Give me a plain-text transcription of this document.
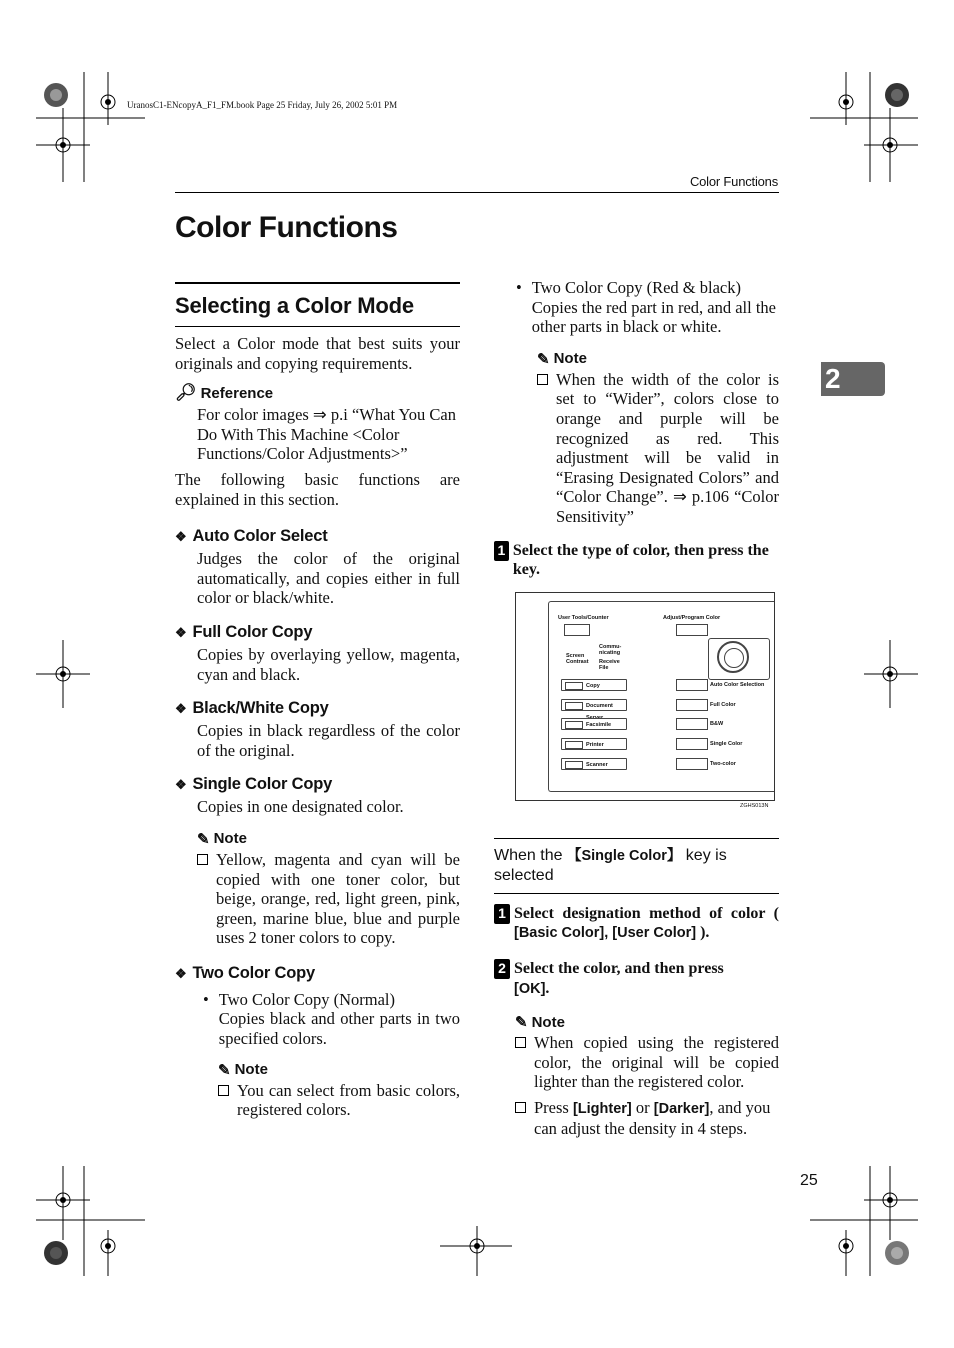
UranosC1-ENcopyA_F1_FM.book Page 25 Friday, July 26, 2002 5:01 PM
Color Functions
Color Functions
2
Selecting a Color Mode
Select a Color mode that best suits your originals and copying requirements.
🔎︎ Reference
For color images ⇒ p.i “What You Can Do With This Machine <Color Functions/Color Adjustments>”
The following basic functions are explained in this section.
❖ Auto Color Select
Judges the color of the original automatically, and copies either in full color or black/white.
❖ Full Color Copy
Copies by overlaying yellow, magenta, cyan and black.
❖ Black/White Copy
Copies in black regardless of the color of the original.
❖ Single Color Copy
Copies in one designated color.
✎ Note
Yellow, magenta and cyan will be copied with one toner color, but beige, orange, red, light green, pink, green, marine blue, blue and purple uses 2 toner colors to copy.
❖ Two Color Copy
• Two Color Copy (Normal)
Copies black and other parts in two specified colors.
✎ Note
You can select from basic colors, registered colors.
• Two Color Copy (Red & black)
Copies the red part in red, and all the other parts in black or white.
✎ Note
When the width of the color is set to “Wider”, colors close to orange and purple will be recognized as red. This adjustment will be valid in “Erasing Designated Colors” and “Color Change”. ⇒ p.106 “Color Sensitivity”
1 Select the type of color, then press the key.
User Tools/Counter	Adjust/Program Color
Screen Contrast
Commu-nicating
Receive File
Copy
Document Server
Facsimile
Printer
Scanner
Auto Color Selection
Full Color
B&W
Single Color
Two-color
ZGHS013N
When the 【Single Color】 key is selected
1 Select designation method of color ( [Basic Color], [User Color] ).
2 Select the color, and then press
[OK].
✎ Note
When copied using the registered color, the original will be copied lighter than the registered color.
Press [Lighter] or [Darker], and you can adjust the density in 4 steps.
25
